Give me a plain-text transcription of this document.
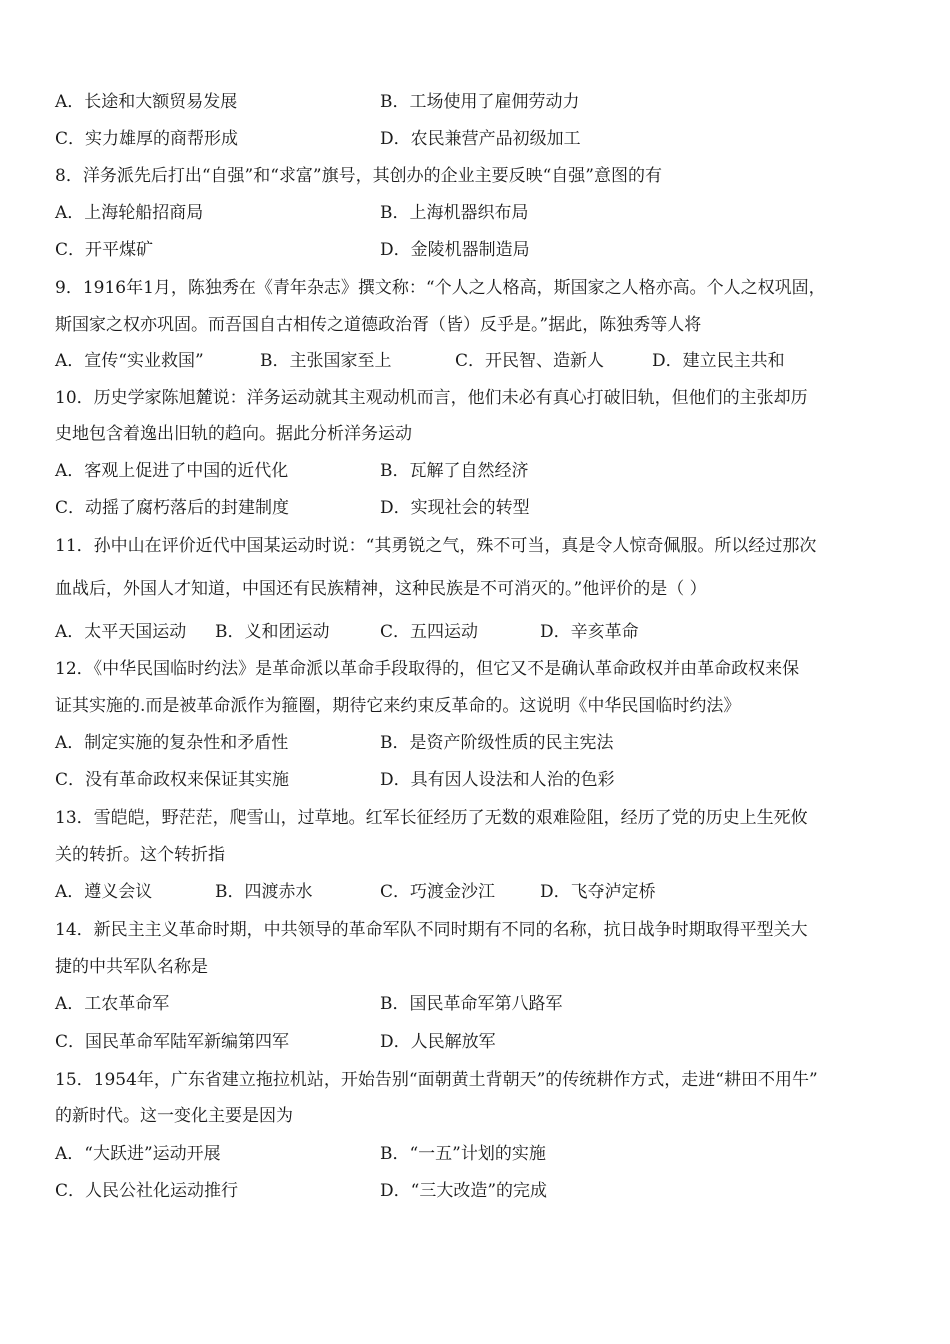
A．长途和大额贸易发展	B．工场使用了雇佣劳动力
C．实力雄厚的商帮形成	D．农民兼营产品初级加工
8．洋务派先后打出“自强”和“求富”旗号，其创办的企业主要反映“自强”意图的有
A．上海轮船招商局	B．上海机器织布局
C．开平煤矿	D．金陵机器制造局
9．1916年1月，陈独秀在《青年杂志》撰文称：“个人之人格高，斯国家之人格亦高。个人之权巩固，
斯国家之权亦巩固。而吾国自古相传之道德政治胥（皆）反乎是。”据此，陈独秀等人将
A．宣传“实业救国”	B．主张国家至上	C．开民智、造新人	D．建立民主共和
10．历史学家陈旭麓说：洋务运动就其主观动机而言，他们未必有真心打破旧轨，但他们的主张却历
史地包含着逸出旧轨的趋向。据此分析洋务运动
A．客观上促进了中国的近代化	B．瓦解了自然经济
C．动摇了腐朽落后的封建制度	D．实现社会的转型
11．孙中山在评价近代中国某运动时说：“其勇锐之气，殊不可当，真是令人惊奇佩服。所以经过那次
血战后，外国人才知道，中国还有民族精神，这种民族是不可消灭的。”他评价的是（ ）
A．太平天国运动 B．义和团运动	C．五四运动	D．辛亥革命
12．《中华民国临时约法》是革命派以革命手段取得的，但它又不是确认革命政权并由革命政权来保
证其实施的.而是被革命派作为箍圈，期待它来约束反革命的。这说明《中华民国临时约法》
A．制定实施的复杂性和矛盾性	B．是资产阶级性质的民主宪法
C．没有革命政权来保证其实施	D．具有因人设法和人治的色彩
13．雪皑皑，野茫茫，爬雪山，过草地。红军长征经历了无数的艰难险阻，经历了党的历史上生死攸
关的转折。这个转折指
A．遵义会议	B．四渡赤水	C．巧渡金沙江	D．飞夺泸定桥
14．新民主主义革命时期，中共领导的革命军队不同时期有不同的名称，抗日战争时期取得平型关大
捷的中共军队名称是
A．工农革命军	B．国民革命军第八路军
C．国民革命军陆军新编第四军	D．人民解放军
15．1954年，广东省建立拖拉机站，开始告别“面朝黄土背朝天”的传统耕作方式，走进“耕田不用牛”
的新时代。这一变化主要是因为
A．“大跃进”运动开展	B．“一五”计划的实施
C．人民公社化运动推行	D．“三大改造”的完成
